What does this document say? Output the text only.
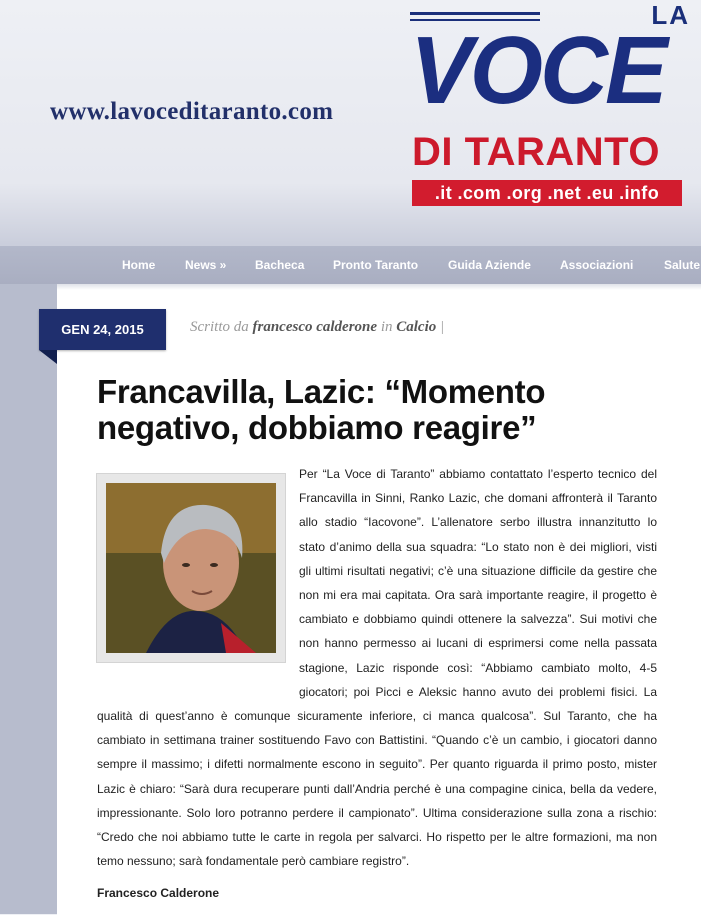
www.lavoceditaranto.com
LA
VOCE
DI TARANTO
.it .com .org .net .eu .info
Home News » Bacheca Pronto Taranto Guida Aziende Associazioni	Salute
GEN 24, 2015	Scritto da francesco calderone in Calcio |
Francavilla, Lazic: “Momento negativo, dobbiamo reagire”

Per “La Voce di Taranto” abbiamo contattato l’esperto tecnico del Francavilla in Sinni, Ranko Lazic, che domani affronterà il Taranto allo stadio “Iacovone”. L’allenatore serbo illustra innanzitutto lo stato d’animo della sua squadra: “Lo stato non è dei migliori, visti gli ultimi risultati negativi; c’è una situazione difficile da gestire che non mi era mai capitata. Ora sarà importante reagire, il progetto è cambiato e dobbiamo quindi ottenere la salvezza”. Sui motivi che non hanno permesso ai lucani di esprimersi come nella passata stagione, Lazic risponde così: “Abbiamo cambiato molto, 4-5 giocatori; poi Picci e Aleksic hanno avuto dei problemi fisici. La qualità di quest’anno è comunque sicuramente inferiore, ci manca qualcosa”. Sul Taranto, che ha cambiato in settimana trainer sostituendo Favo con Battistini. “Quando c’è un cambio, i giocatori danno sempre il massimo; i difetti normalmente escono in seguito”. Per quanto riguarda il primo posto, mister Lazic è chiaro: “Sarà dura recuperare punti dall’Andria perché è una compagine cinica, bella da vedere, impressionante. Solo loro potranno perdere il campionato”. Ultima considerazione sulla zona a rischio: “Credo che noi abbiamo tutte le carte in regola per salvarci. Ho rispetto per le altre formazioni, ma non temo nessuno; sarà fondamentale però cambiare registro”.

Francesco Calderone
